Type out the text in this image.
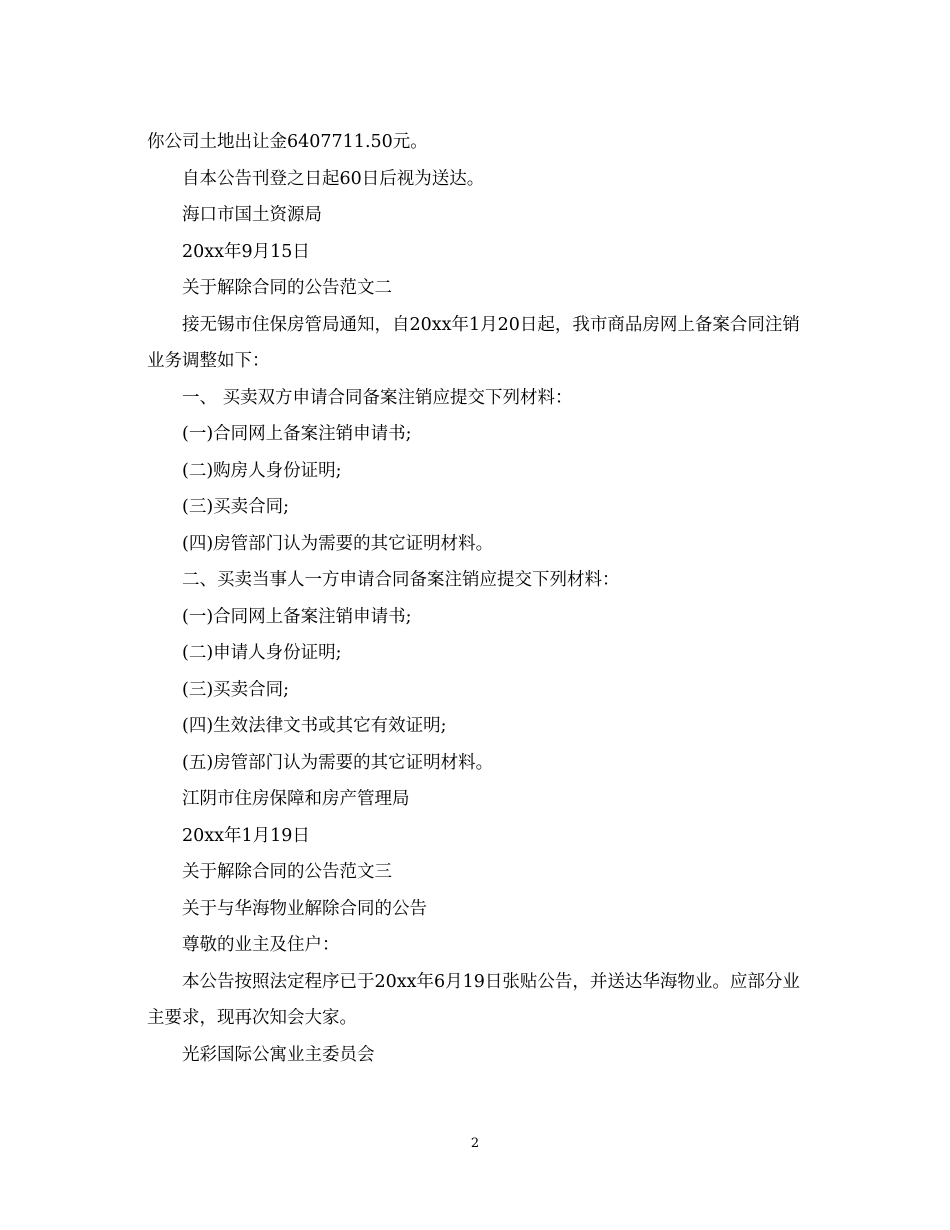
你公司土地出让金6407711.50元。

自本公告刊登之日起60日后视为送达。

海口市国土资源局

20xx年9月15日

关于解除合同的公告范文二

接无锡市住保房管局通知，自20xx年1月20日起，我市商品房网上备案合同注销业务调整如下：

一、 买卖双方申请合同备案注销应提交下列材料：

(一)合同网上备案注销申请书;

(二)购房人身份证明;

(三)买卖合同;

(四)房管部门认为需要的其它证明材料。

二、买卖当事人一方申请合同备案注销应提交下列材料：

(一)合同网上备案注销申请书;

(二)申请人身份证明;

(三)买卖合同;

(四)生效法律文书或其它有效证明;

(五)房管部门认为需要的其它证明材料。

江阴市住房保障和房产管理局

20xx年1月19日

关于解除合同的公告范文三

关于与华海物业解除合同的公告

尊敬的业主及住户：

本公告按照法定程序已于20xx年6月19日张贴公告，并送达华海物业。应部分业主要求，现再次知会大家。

光彩国际公寓业主委员会

2
